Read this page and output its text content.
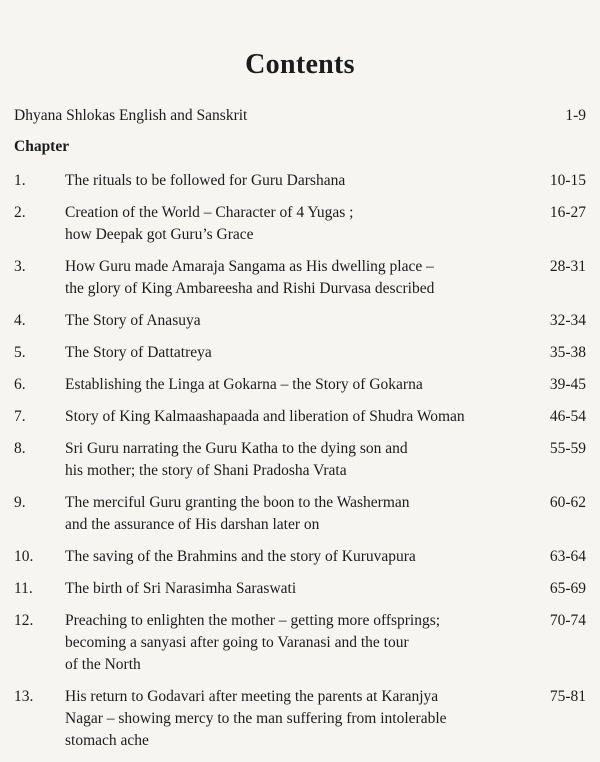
Contents
Dhyana Shlokas English and Sanskrit	1-9
Chapter
1.	The rituals to be followed for Guru Darshana	10-15
2.	Creation of the World – Character of 4 Yugas ;
how Deepak got Guru’s Grace
16-27
3.	How Guru made Amaraja Sangama as His dwelling place –
the glory of King Ambareesha and Rishi Durvasa described
28-31
4.	The Story of Anasuya	32-34
5.	The Story of Dattatreya	35-38
6.	Establishing the Linga at Gokarna – the Story of Gokarna	39-45
7.	Story of King Kalmaashapaada and liberation of Shudra Woman	46-54
8.	Sri Guru narrating the Guru Katha to the dying son and
his mother; the story of Shani Pradosha Vrata
55-59
9.	The merciful Guru granting the boon to the Washerman
and the assurance of His darshan later on
60-62
10.	The saving of the Brahmins and the story of Kuruvapura	63-64
11.	The birth of Sri Narasimha Saraswati	65-69
12.	Preaching to enlighten the mother – getting more offsprings;
becoming a sanyasi after going to Varanasi and the tour
of the North
70-74
13.	His return to Godavari after meeting the parents at Karanjya
Nagar – showing mercy to the man suffering from intolerable
stomach ache
75-81
